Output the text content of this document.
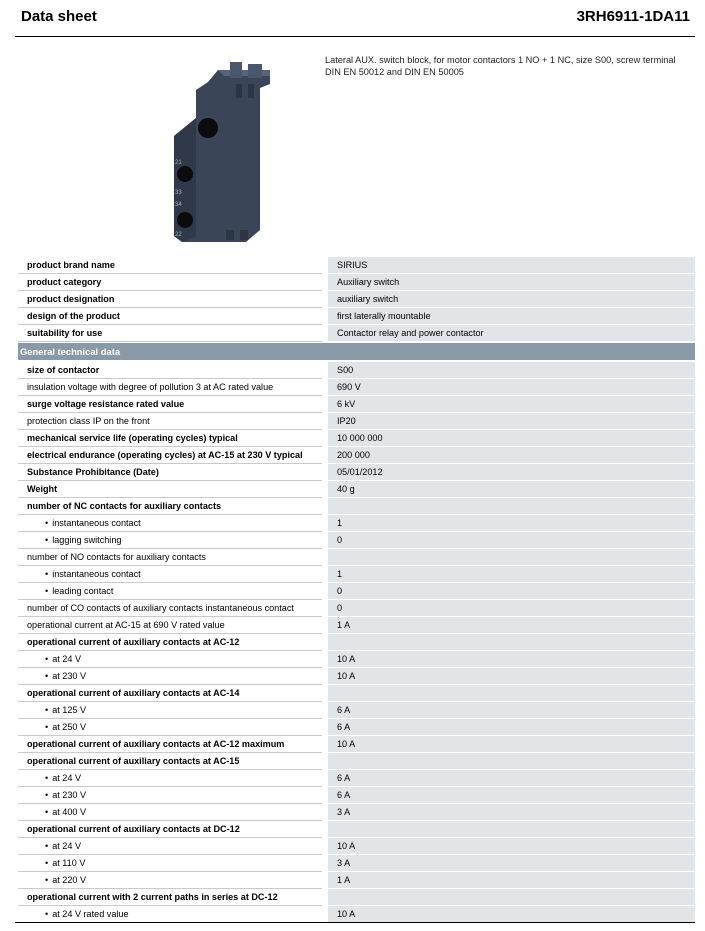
Data sheet	3RH6911-1DA11
21
33
34
22
Lateral AUX. switch block, for motor contactors 1 NO + 1 NC, size S00, screw terminal DIN EN 50012 and DIN EN 50005
product brand name	SIRIUS
product category	Auxiliary switch
product designation	auxiliary switch
design of the product	first laterally mountable
suitability for use	Contactor relay and power contactor
General technical data
size of contactor	S00
insulation voltage with degree of pollution 3 at AC rated value	690 V
surge voltage resistance rated value	6 kV
protection class IP on the front	IP20
mechanical service life (operating cycles) typical	10 000 000
electrical endurance (operating cycles) at AC-15 at 230 V typical	200 000
Substance Prohibitance (Date)	05/01/2012
Weight	40 g
number of NC contacts for auxiliary contacts
• instantaneous contact	1
• lagging switching	0
number of NO contacts for auxiliary contacts
• instantaneous contact	1
• leading contact	0
number of CO contacts of auxiliary contacts instantaneous contact	0
operational current at AC-15 at 690 V rated value	1 A
operational current of auxiliary contacts at AC-12
• at 24 V	10 A
• at 230 V	10 A
operational current of auxiliary contacts at AC-14
• at 125 V	6 A
• at 250 V	6 A
operational current of auxiliary contacts at AC-12 maximum	10 A
operational current of auxiliary contacts at AC-15
• at 24 V	6 A
• at 230 V	6 A
• at 400 V	3 A
operational current of auxiliary contacts at DC-12
• at 24 V	10 A
• at 110 V	3 A
• at 220 V	1 A
operational current with 2 current paths in series at DC-12
• at 24 V rated value	10 A
